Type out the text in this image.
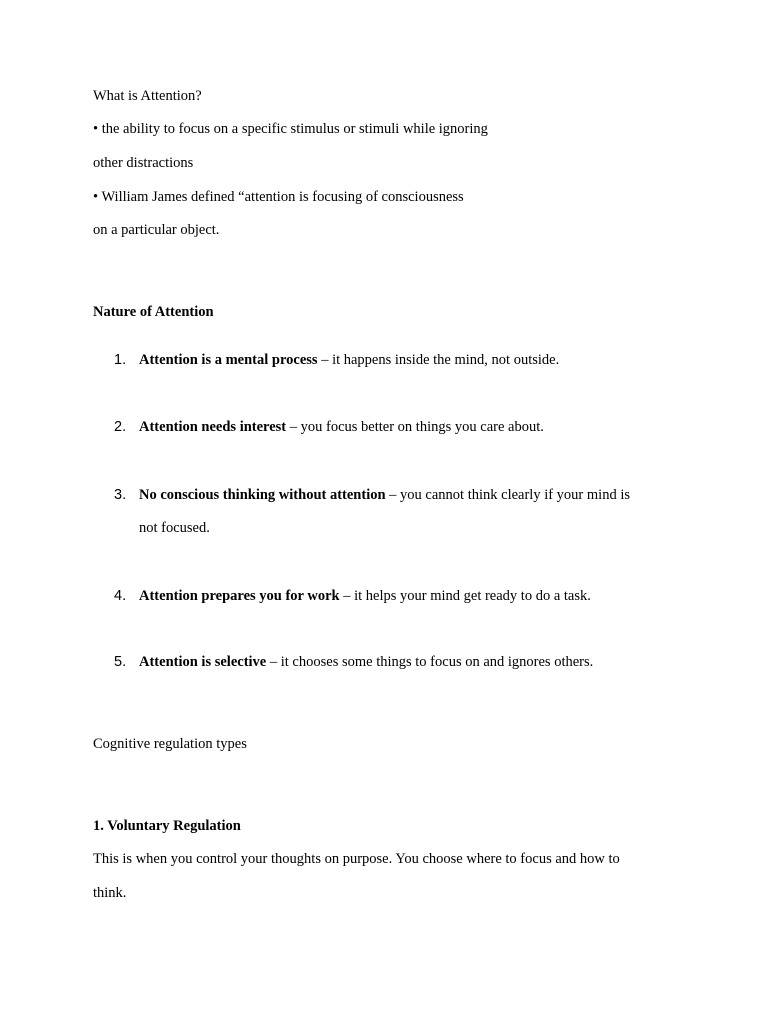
What is Attention?
• the ability to focus on a specific stimulus or stimuli while ignoring
other distractions
• William James defined “attention is focusing of consciousness
on a particular object.
Nature of Attention
1. Attention is a mental process – it happens inside the mind, not outside.
2. Attention needs interest – you focus better on things you care about.
3. No conscious thinking without attention – you cannot think clearly if your mind is
not focused.
4. Attention prepares you for work – it helps your mind get ready to do a task.
5. Attention is selective – it chooses some things to focus on and ignores others.
Cognitive regulation types
1. Voluntary Regulation
This is when you control your thoughts on purpose. You choose where to focus and how to
think.
